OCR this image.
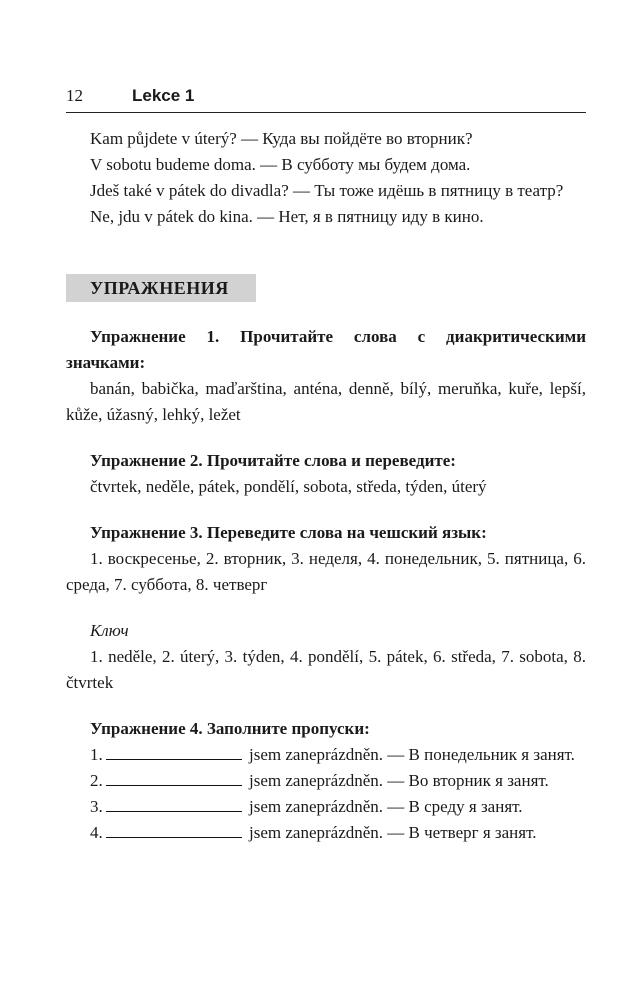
12	Lekce 1

Kam půjdete v úterý? — Куда вы пойдёте во вторник?

V sobotu budeme doma. — В субботу мы будем дома.

Jdeš také v pátek do divadla? — Ты тоже идёшь в пятницу в театр?

Ne, jdu v pátek do kina. — Нет, я в пятницу иду в кино.

УПРАЖНЕНИЯ

Упражнение 1. Прочитайте слова с диакритическими значками:

banán, babička, maďarština, anténa, denně, bílý, meruňka, kuře, lepší, kůže, úžasný, lehký, ležet

Упражнение 2. Прочитайте слова и переведите:

čtvrtek, neděle, pátek, pondělí, sobota, středa, týden, úterý

Упражнение 3. Переведите слова на чешский язык:

1. воскресенье, 2. вторник, 3. неделя, 4. понедельник, 5. пятница, 6. среда, 7. суббота, 8. четверг

Ключ

1. neděle, 2. úterý, 3. týden, 4. pondělí, 5. pátek, 6. středa, 7. sobota, 8. čtvrtek

Упражнение 4. Заполните пропуски:

1.	jsem zaneprázdněn. — В понедельник я занят.

2.	jsem zaneprázdněn. — Во вторник я занят.

3.	jsem zaneprázdněn. — В среду я занят.

4.	jsem zaneprázdněn. — В четверг я занят.
